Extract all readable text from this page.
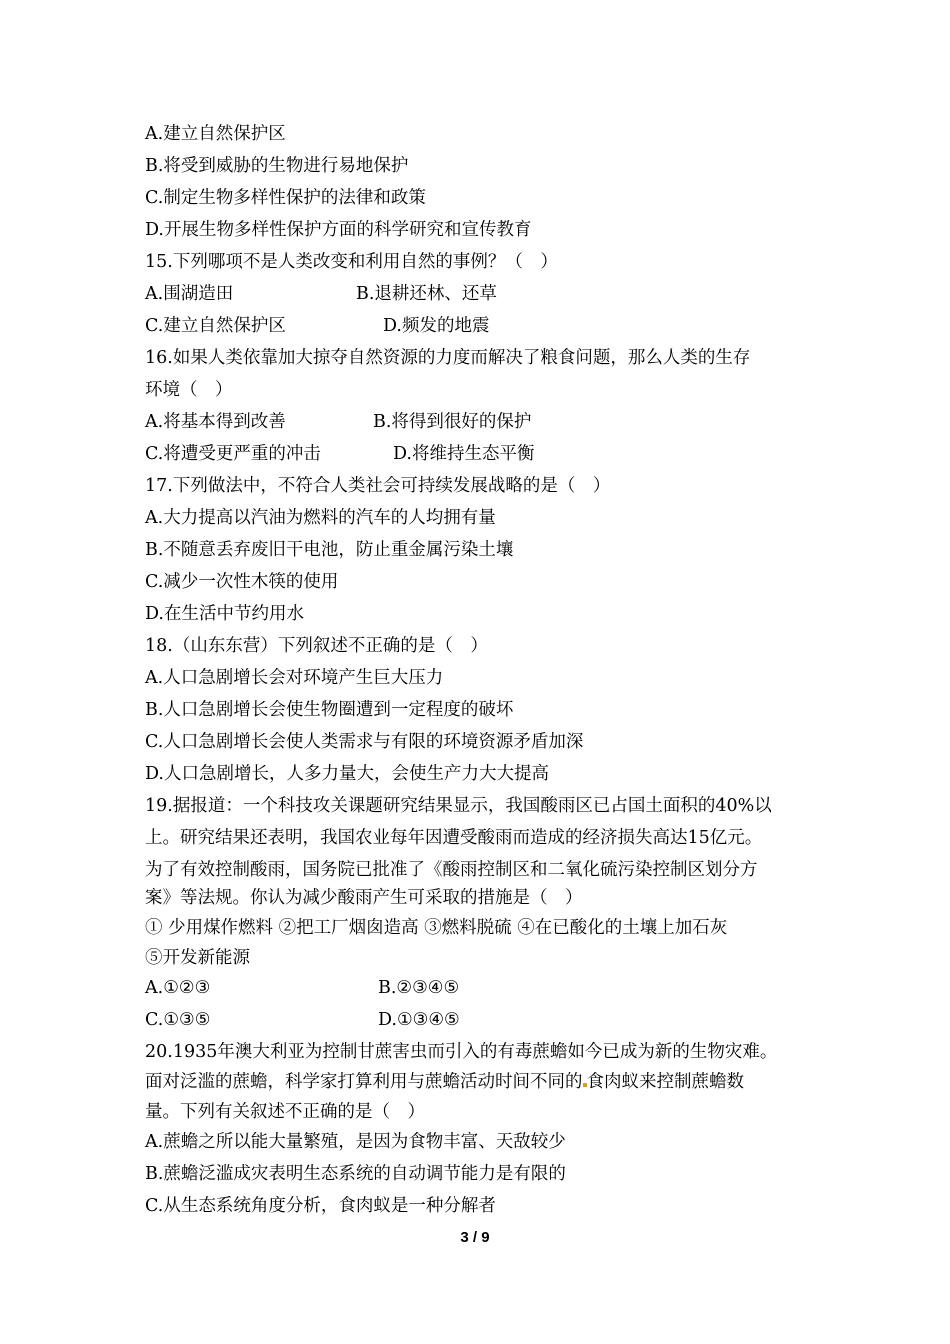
A.建立自然保护区
B.将受到威胁的生物进行易地保护
C.制定生物多样性保护的法律和政策
D.开展生物多样性保护方面的科学研究和宣传教育
15.下列哪项不是人类改变和利用自然的事例？（　）
A.围湖造田	B.退耕还林、还草
C.建立自然保护区	D.频发的地震
16.如果人类依靠加大掠夺自然资源的力度而解决了粮食问题，那么人类的生存
环境（　）
A.将基本得到改善	B.将得到很好的保护
C.将遭受更严重的冲击	D.将维持生态平衡
17.下列做法中，不符合人类社会可持续发展战略的是（　）
A.大力提高以汽油为燃料的汽车的人均拥有量
B.不随意丢弃废旧干电池，防止重金属污染土壤
C.减少一次性木筷的使用
D.在生活中节约用水
18.（山东东营）下列叙述不正确的是（　）
A.人口急剧增长会对环境产生巨大压力
B.人口急剧增长会使生物圈遭到一定程度的破坏
C.人口急剧增长会使人类需求与有限的环境资源矛盾加深
D.人口急剧增长，人多力量大，会使生产力大大提高
19.据报道：一个科技攻关课题研究结果显示，我国酸雨区已占国土面积的40%以
上。研究结果还表明，我国农业每年因遭受酸雨而造成的经济损失高达15亿元。
为了有效控制酸雨，国务院已批准了《酸雨控制区和二氧化硫污染控制区划分方
案》等法规。你认为减少酸雨产生可采取的措施是（　）
① 少用煤作燃料 ②把工厂烟囱造高 ③燃料脱硫 ④在已酸化的土壤上加石灰
⑤开发新能源
A.①②③	B.②③④⑤
C.①③⑤	D.①③④⑤
20.1935年澳大利亚为控制甘蔗害虫而引入的有毒蔗蟾如今已成为新的生物灾难。
面对泛滥的蔗蟾，科学家打算利用与蔗蟾活动时间不同的 食肉蚁来控制蔗蟾数
量。下列有关叙述不正确的是（　）
A.蔗蟾之所以能大量繁殖，是因为食物丰富、天敌较少
B.蔗蟾泛滥成灾表明生态系统的自动调节能力是有限的
C.从生态系统角度分析，食肉蚁是一种分解者
3 / 9
